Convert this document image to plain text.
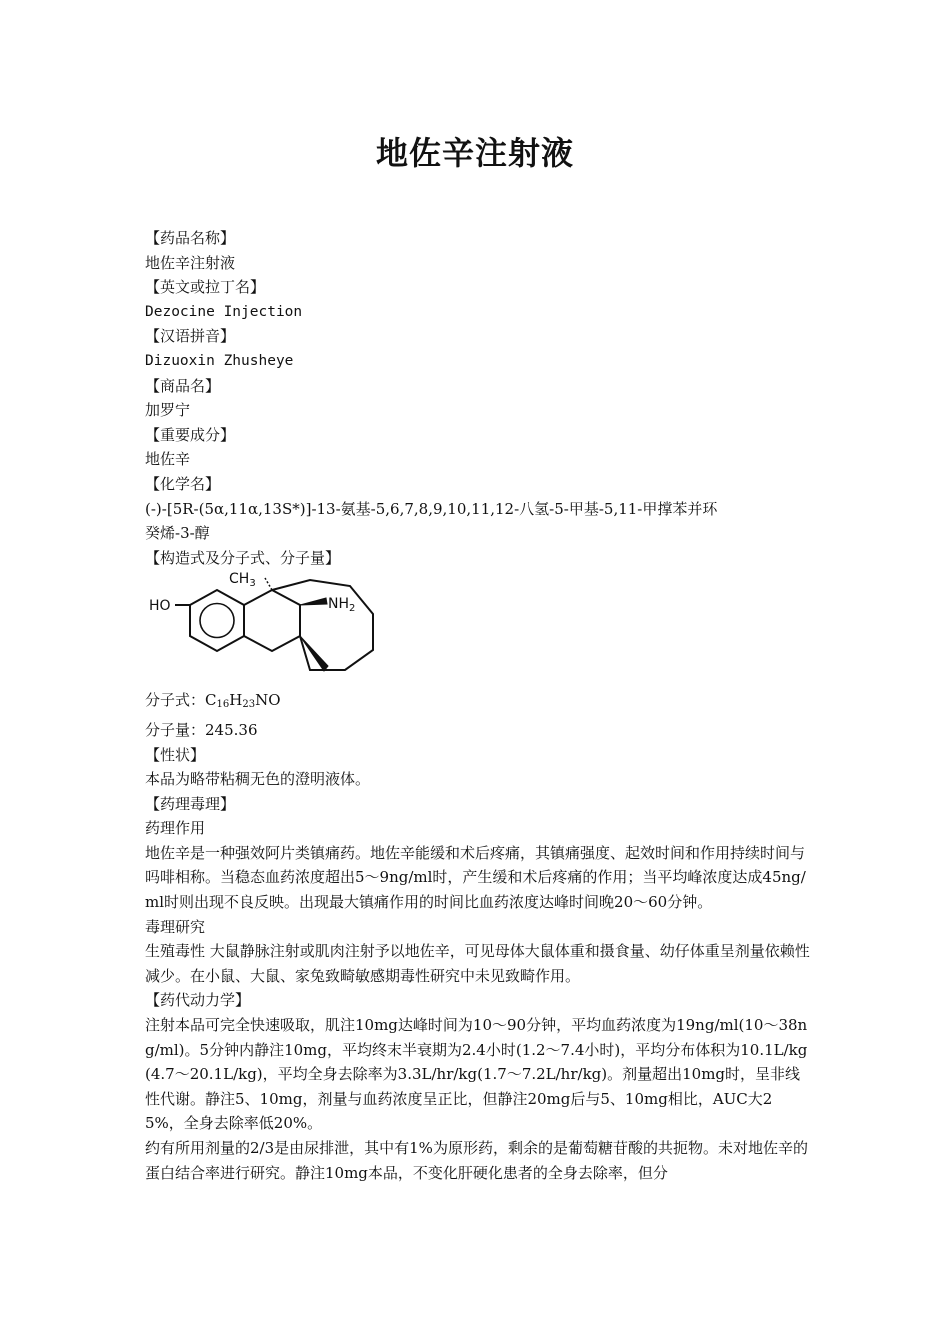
地佐辛注射液

【药品名称】

地佐辛注射液

【英文或拉丁名】

Dezocine Injection

【汉语拼音】

Dizuoxin Zhusheye

【商品名】

加罗宁

【重要成分】

地佐辛

【化学名】

(-)-[5R-(5α,11α,13S*)]-13-氨基-5,6,7,8,9,10,11,12-八氢-5-甲基-5,11-甲撑苯并环

癸烯-3-醇

【构造式及分子式、分子量】

$CH_3$
HO	$NH_2$

分子式：$C_{16}H_{23}NO$

分子量：245.36

【性状】

本品为略带粘稠无色的澄明液体。

【药理毒理】

药理作用

地佐辛是一种强效阿片类镇痛药。地佐辛能缓和术后疼痛，其镇痛强度、起效时间和作用持续时间与吗啡相称。当稳态血药浓度超出5～9ng/ml时，产生缓和术后疼痛的作用；当平均峰浓度达成45ng/ml时则出现不良反映。出现最大镇痛作用的时间比血药浓度达峰时间晚20～60分钟。

毒理研究

生殖毒性 大鼠静脉注射或肌肉注射予以地佐辛，可见母体大鼠体重和摄食量、幼仔体重呈剂量依赖性减少。在小鼠、大鼠、家兔致畸敏感期毒性研究中未见致畸作用。

【药代动力学】

注射本品可完全快速吸取，肌注10mg达峰时间为10～90分钟，平均血药浓度为19ng/ml(10～38ng/ml)。5分钟内静注10mg，平均终末半衰期为2.4小时(1.2～7.4小时)，平均分布体积为10.1L/kg(4.7～20.1L/kg)，平均全身去除率为3.3L/hr/kg(1.7～7.2L/hr/kg)。剂量超出10mg时，呈非线性代谢。静注5、10mg，剂量与血药浓度呈正比，但静注20mg后与5、10mg相比，AUC大25%，全身去除率低20%。

约有所用剂量的2/3是由尿排泄，其中有1%为原形药，剩余的是葡萄糖苷酸的共扼物。未对地佐辛的蛋白结合率进行研究。静注10mg本品，不变化肝硬化患者的全身去除率，但分
